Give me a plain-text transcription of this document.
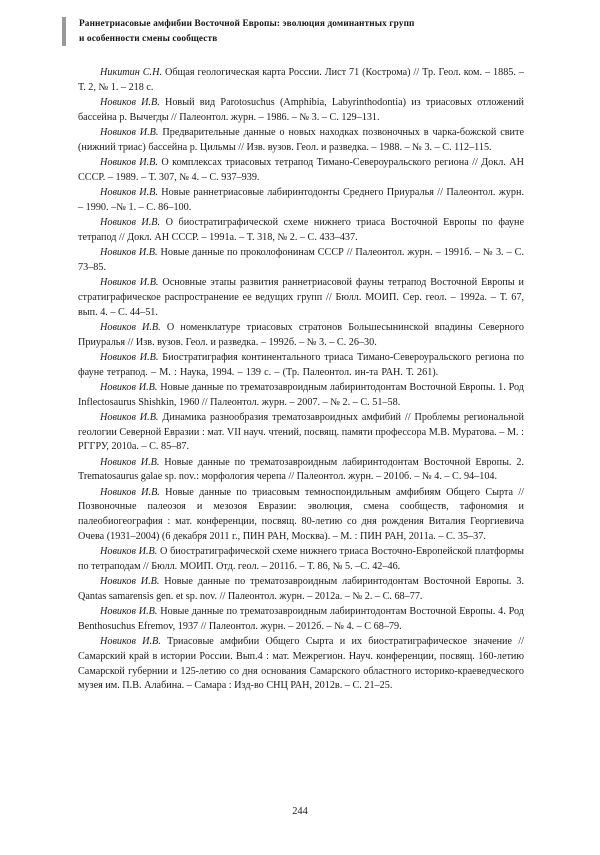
Раннетриасовые амфибии Восточной Европы: эволюция доминантных групп
и особенности смены сообществ

Никитин С.Н. Общая геологическая карта России. Лист 71 (Кострома) // Тр. Геол. ком. – 1885. – Т. 2, № 1. – 218 с.

Новиков И.В. Новый вид Parotosuchus (Amphibia, Labyrinthodontia) из триасовых отложений бассейна р. Вычегды // Палеонтол. журн. – 1986. – № 3. – С. 129–131.

Новиков И.В. Предварительные данные о новых находках позвоночных в чарка-божской свите (нижний триас) бассейна р. Цильмы // Изв. вузов. Геол. и разведка. – 1988. – № 3. – С. 112–115.

Новиков И.В. О комплексах триасовых тетрапод Тимано-Североуральского региона // Докл. АН СССР. – 1989. – Т. 307, № 4. – С. 937–939.

Новиков И.В. Новые раннетриасовые лабиринтодонты Среднего Приуралья // Палеонтол. журн. – 1990. –№ 1. – С. 86–100.

Новиков И.В. О биостратиграфической схеме нижнего триаса Восточной Европы по фауне тетрапод // Докл. АН СССР. – 1991а. – Т. 318, № 2. – С. 433–437.

Новиков И.В. Новые данные по проколофонинам СССР // Палеонтол. журн. – 1991б. – № 3. – С. 73–85.

Новиков И.В. Основные этапы развития раннетриасовой фауны тетрапод Восточной Европы и стратиграфическое распространение ее ведущих групп // Бюлл. МОИП. Сер. геол. – 1992а. – Т. 67, вып. 4. – С. 44–51.

Новиков И.В. О номенклатуре триасовых стратонов Большесынинской впадины Северного Приуралья // Изв. вузов. Геол. и разведка. – 1992б. – № 3. – С. 26–30.

Новиков И.В. Биостратиграфия континентального триаса Тимано-Североуральского региона по фауне тетрапод. – М. : Наука, 1994. – 139 с. – (Тр. Палеонтол. ин-та РАН. Т. 261).

Новиков И.В. Новые данные по трематозавроидным лабиринтодонтам Восточной Европы. 1. Род Inflectosaurus Shishkin, 1960 // Палеонтол. журн. – 2007. – № 2. – С. 51–58.

Новиков И.В. Динамика разнообразия трематозавроидных амфибий // Проблемы региональной геологии Северной Евразии : мат. VII науч. чтений, посвящ. памяти профессора М.В. Муратова. – М. : РГГРУ, 2010а. – С. 85–87.

Новиков И.В. Новые данные по трематозавроидным лабиринтодонтам Восточной Европы. 2. Trematosaurus galae sp. nov.: морфология черепа // Палеонтол. журн. – 2010б. – № 4. – С. 94–104.

Новиков И.В. Новые данные по триасовым темноспондильным амфибиям Общего Сырта // Позвоночные палеозоя и мезозоя Евразии: эволюция, смена сообществ, тафономия и палеобиогеография : мат. конференции, посвящ. 80-летию со дня рождения Виталия Георгиевича Очева (1931–2004) (6 декабря 2011 г., ПИН РАН, Москва). – М. : ПИН РАН, 2011а. – С. 35–37.

Новиков И.В. О биостратиграфической схеме нижнего триаса Восточно-Европейской платформы по тетраподам // Бюлл. МОИП. Отд. геол. – 2011б. – Т. 86, № 5. –С. 42–46.

Новиков И.В. Новые данные по трематозавроидным лабиринтодонтам Восточной Европы. 3. Qantas samarensis gen. et sp. nov. // Палеонтол. журн. – 2012а. – № 2. – С. 68–77.

Новиков И.В. Новые данные по трематозавроидным лабиринтодонтам Восточной Европы. 4. Род Benthosuchus Efremov, 1937 // Палеонтол. журн. – 2012б. – № 4. – С 68–79.

Новиков И.В. Триасовые амфибии Общего Сырта и их биостратиграфическое значение // Самарский край в истории России. Вып.4 : мат. Межрегион. Науч. конференции, посвящ. 160-летию Самарской губернии и 125-летию со дня основания Самарского областного историко-краеведческого музея им. П.В. Алабина. – Самара : Изд-во СНЦ РАН, 2012в. – С. 21–25.

244
